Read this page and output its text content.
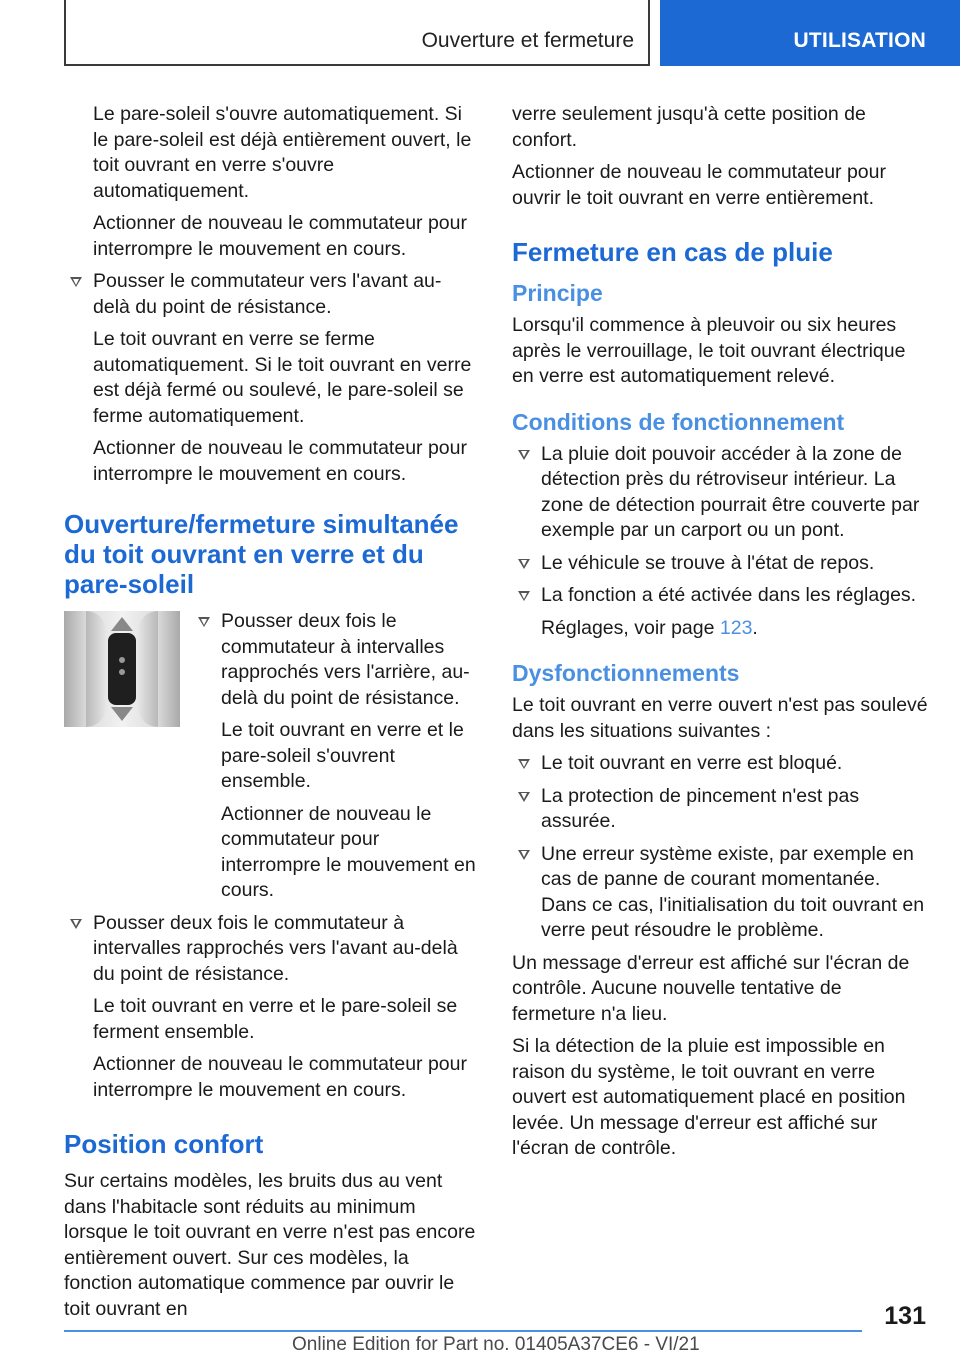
Ouverture et fermeture	UTILISATION

Le pare-soleil s'ouvre automatiquement. Si le pare-soleil est déjà entièrement ouvert, le toit ouvrant en verre s'ouvre automatiquement.

Actionner de nouveau le commutateur pour interrompre le mouvement en cours.

Pousser le commutateur vers l'avant au-delà du point de résistance.

Le toit ouvrant en verre se ferme automatiquement. Si le toit ouvrant en verre est déjà fermé ou soulevé, le pare-soleil se ferme automatiquement.

Actionner de nouveau le commutateur pour interrompre le mouvement en cours.

Ouverture/fermeture simultanée du toit ouvrant en verre et du pare-soleil

Pousser deux fois le commutateur à intervalles rapprochés vers l'arrière, au-delà du point de résistance.

Le toit ouvrant en verre et le pare-soleil s'ouvrent ensemble.

Actionner de nouveau le commutateur pour interrompre le mouvement en cours.

Pousser deux fois le commutateur à intervalles rapprochés vers l'avant au-delà du point de résistance.

Le toit ouvrant en verre et le pare-soleil se ferment ensemble.

Actionner de nouveau le commutateur pour interrompre le mouvement en cours.

Position confort

Sur certains modèles, les bruits dus au vent dans l'habitacle sont réduits au minimum lorsque le toit ouvrant en verre n'est pas encore entièrement ouvert. Sur ces modèles, la fonction automatique commence par ouvrir le toit ouvrant en

verre seulement jusqu'à cette position de confort.

Actionner de nouveau le commutateur pour ouvrir le toit ouvrant en verre entièrement.

Fermeture en cas de pluie
Principe

Lorsqu'il commence à pleuvoir ou six heures après le verrouillage, le toit ouvrant électrique en verre est automatiquement relevé.

Conditions de fonctionnement

La pluie doit pouvoir accéder à la zone de détection près du rétroviseur intérieur. La zone de détection pourrait être couverte par exemple par un carport ou un pont.

Le véhicule se trouve à l'état de repos.

La fonction a été activée dans les réglages.

Réglages, voir page 123.

Dysfonctionnements

Le toit ouvrant en verre ouvert n'est pas soulevé dans les situations suivantes :

Le toit ouvrant en verre est bloqué.

La protection de pincement n'est pas assurée.

Une erreur système existe, par exemple en cas de panne de courant momentanée. Dans ce cas, l'initialisation du toit ouvrant en verre peut résoudre le problème.

Un message d'erreur est affiché sur l'écran de contrôle. Aucune nouvelle tentative de fermeture n'a lieu.

Si la détection de la pluie est impossible en raison du système, le toit ouvrant en verre ouvert est automatiquement placé en position levée. Un message d'erreur est affiché sur l'écran de contrôle.

131
Online Edition for Part no. 01405A37CE6 - VI/21
